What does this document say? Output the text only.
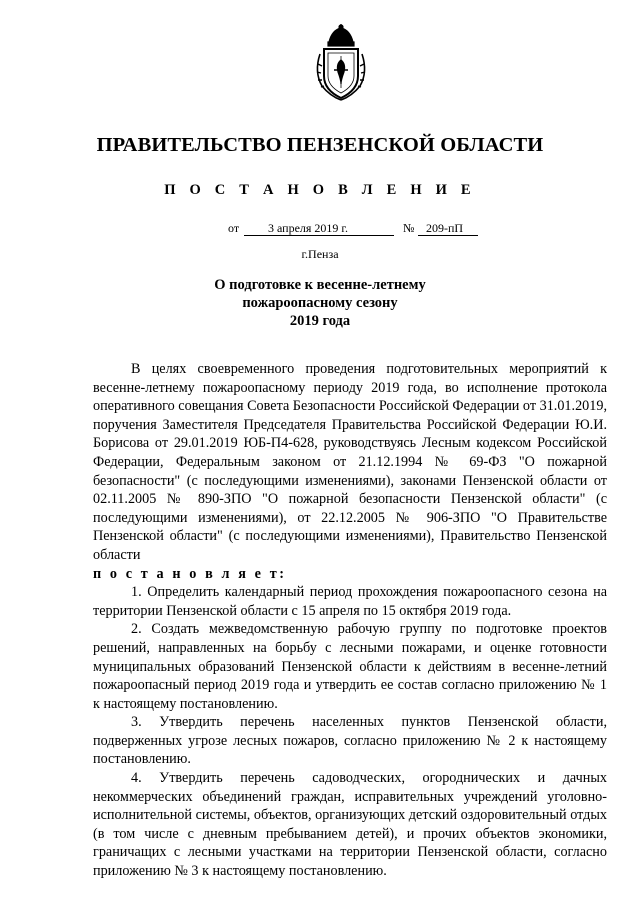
ПРАВИТЕЛЬСТВО ПЕНЗЕНСКОЙ ОБЛАСТИ
П О С Т А Н О В Л Е Н И Е
от 3 апреля 2019 г.	№ 209-пП
г.Пенза
О подготовке к весенне-летнему
пожароопасному сезону
2019 года

В целях своевременного проведения подготовительных мероприятий к весенне-летнему пожароопасному периоду 2019 года, во исполнение протокола оперативного совещания Совета Безопасности Российской Федерации от 31.01.2019, поручения Заместителя Председателя Правительства Российской Федерации Ю.И. Борисова от 29.01.2019 ЮБ-П4-628, руководствуясь Лесным кодексом Российской Федерации, Федеральным законом от 21.12.1994 № 69-ФЗ "О пожарной безопасности" (с последующими изменениями), законами Пензенской области от 02.11.2005 № 890-ЗПО "О пожарной безопасности Пензенской области" (с последующими изменениями), от 22.12.2005 № 906-ЗПО "О Правительстве Пензенской области" (с последующими изменениями), Правительство Пензенской области

п о с т а н о в л я е т:

1. Определить календарный период прохождения пожароопасного сезона на территории Пензенской области с 15 апреля по 15 октября 2019 года.

2. Создать межведомственную рабочую группу по подготовке проектов решений, направленных на борьбу с лесными пожарами, и оценке готовности муниципальных образований Пензенской области к действиям в весенне-летний пожароопасный период 2019 года и утвердить ее состав согласно приложению № 1 к настоящему постановлению.

3. Утвердить перечень населенных пунктов Пензенской области, подверженных угрозе лесных пожаров, согласно приложению № 2 к настоящему постановлению.

4. Утвердить перечень садоводческих, огороднических и дачных некоммерческих объединений граждан, исправительных учреждений уголовно-исполнительной системы, объектов, организующих детский оздоровительный отдых (в том числе с дневным пребыванием детей), и прочих объектов экономики, граничащих с лесными участками на территории Пензенской области, согласно приложению № 3 к настоящему постановлению.
